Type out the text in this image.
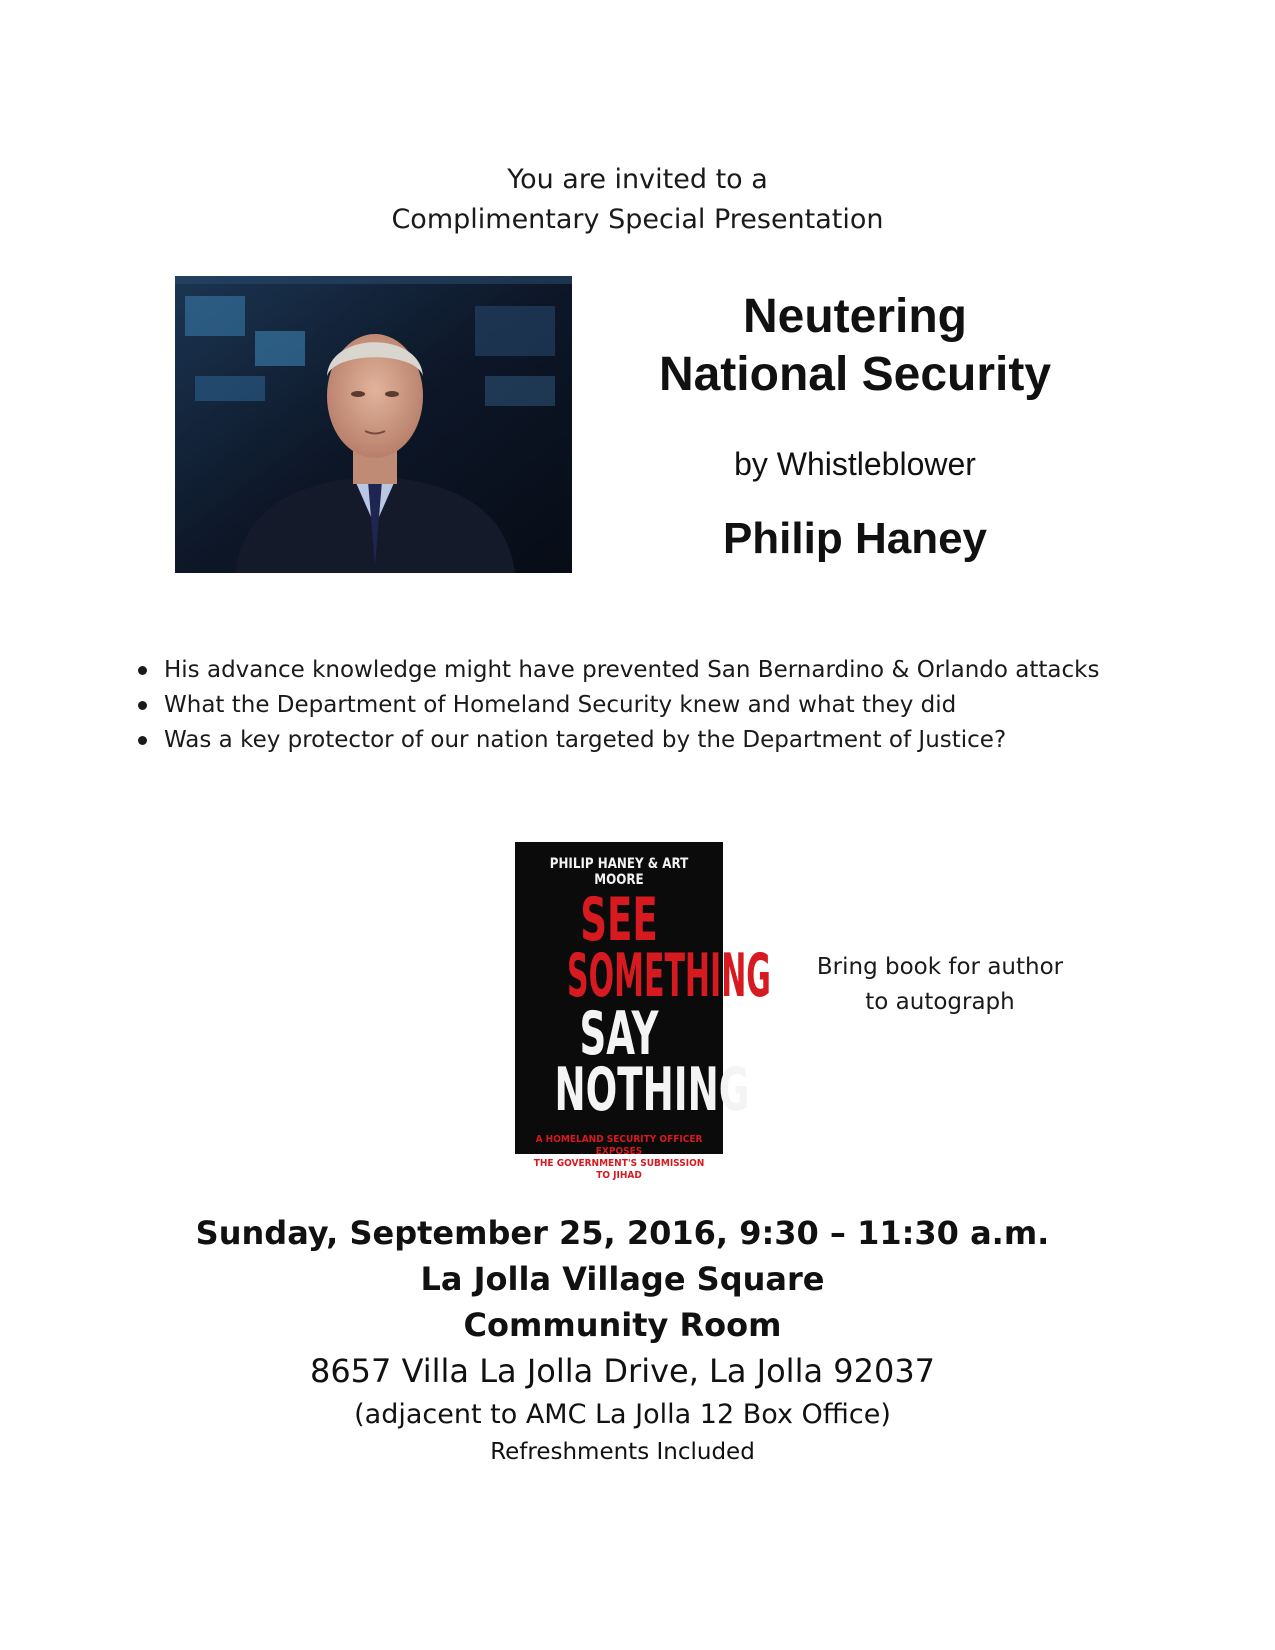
You are invited to a
Complimentary Special Presentation
Neutering
National Security
by Whistleblower
Philip Haney
His advance knowledge might have prevented San Bernardino & Orlando attacks
What the Department of Homeland Security knew and what they did
Was a key protector of our nation targeted by the Department of Justice?
PHILIP HANEY & ART MOORE
SEE
SOMETHING
SAY
NOTHING
A HOMELAND SECURITY OFFICER EXPOSES
THE GOVERNMENT'S SUBMISSION TO JIHAD
Bring book for author
to autograph
Sunday, September 25, 2016, 9:30 – 11:30 a.m.
La Jolla Village Square
Community Room
8657 Villa La Jolla Drive, La Jolla 92037
(adjacent to AMC La Jolla 12 Box Office)
Refreshments Included
